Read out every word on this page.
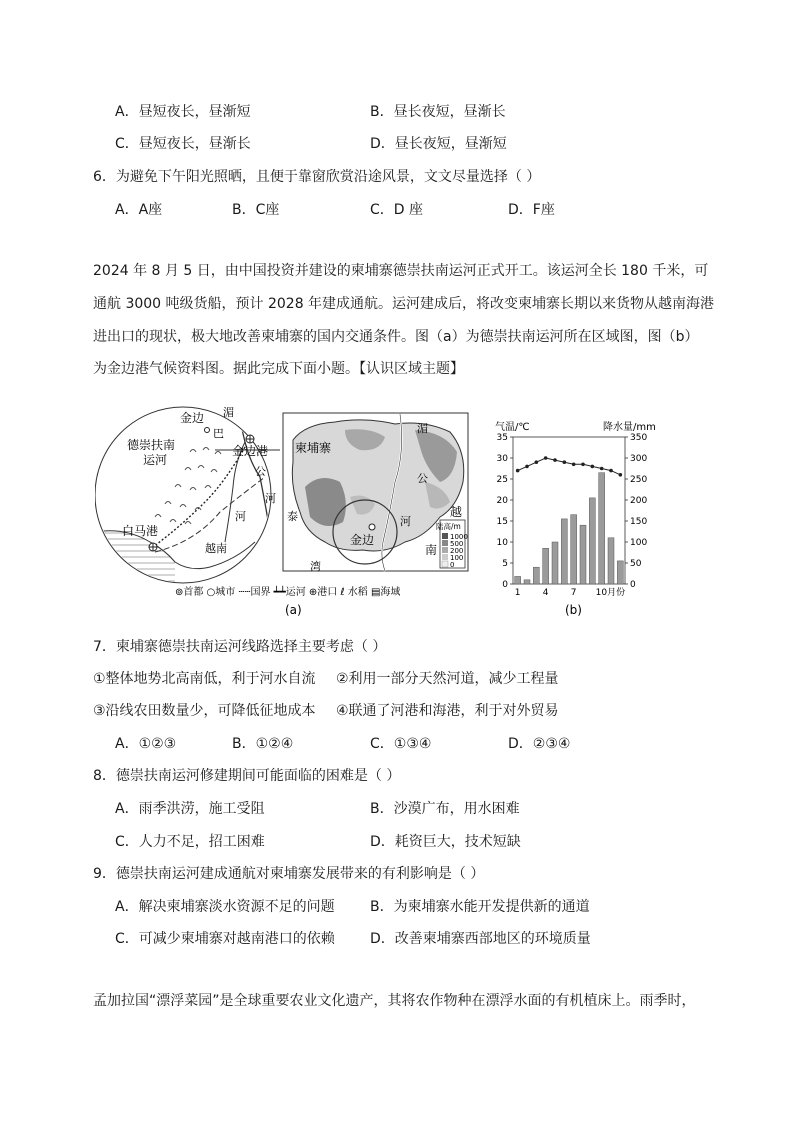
A．昼短夜长，昼渐短	B．昼长夜短，昼渐长
C．昼短夜长，昼渐长	D．昼长夜短，昼渐短
6．为避免下午阳光照晒，且便于靠窗欣赏沿途风景，文文尽量选择（ ）
A．A座	B．C座	C．D 座	D．F座
2024 年 8 月 5 日，由中国投资并建设的柬埔寨德崇扶南运河正式开工。该运河全长 180 千米，可
通航 3000 吨级货船，预计 2028 年建成通航。运河建成后，将改变柬埔寨长期以来货物从越南海港
进出口的现状，极大地改善柬埔寨的国内交通条件。图（a）为德崇扶南运河所在区域图，图（b）
为金边港气候资料图。据此完成下面小题。【认识区域主题】
金边
德崇扶南
运河
金边港
白马港
湄
巴
公
河
河
越南
柬埔寨
湄
公
河
越
南
泰
湾
金边
陆高/m
1000
500
200
100
0
⊚首都 ○城市 ┄┄国界 ┷┷运河 ⊕港口 ℓ 水稻 ▤海域
(a)	(b)
气温/℃	降水量/mm
0
5
10
15
20
25
30
35
0
50
100
150
200
250
300
350
1 4 7 10月份
7．柬埔寨德崇扶南运河线路选择主要考虑（ ）
①整体地势北高南低，利于河水自流 ②利用一部分天然河道，减少工程量
③沿线农田数量少，可降低征地成本 ④联通了河港和海港，利于对外贸易
A．①②③	B．①②④	C．①③④	D．②③④
8．德崇扶南运河修建期间可能面临的困难是（ ）
A．雨季洪涝，施工受阻	B．沙漠广布，用水困难
C．人力不足，招工困难	D．耗资巨大，技术短缺
9．德崇扶南运河建成通航对柬埔寨发展带来的有利影响是（ ）
A．解决柬埔寨淡水资源不足的问题	B．为柬埔寨水能开发提供新的通道
C．可减少柬埔寨对越南港口的依赖	D．改善柬埔寨西部地区的环境质量
孟加拉国“漂浮菜园”是全球重要农业文化遗产，其将农作物种在漂浮水面的有机植床上。雨季时，
